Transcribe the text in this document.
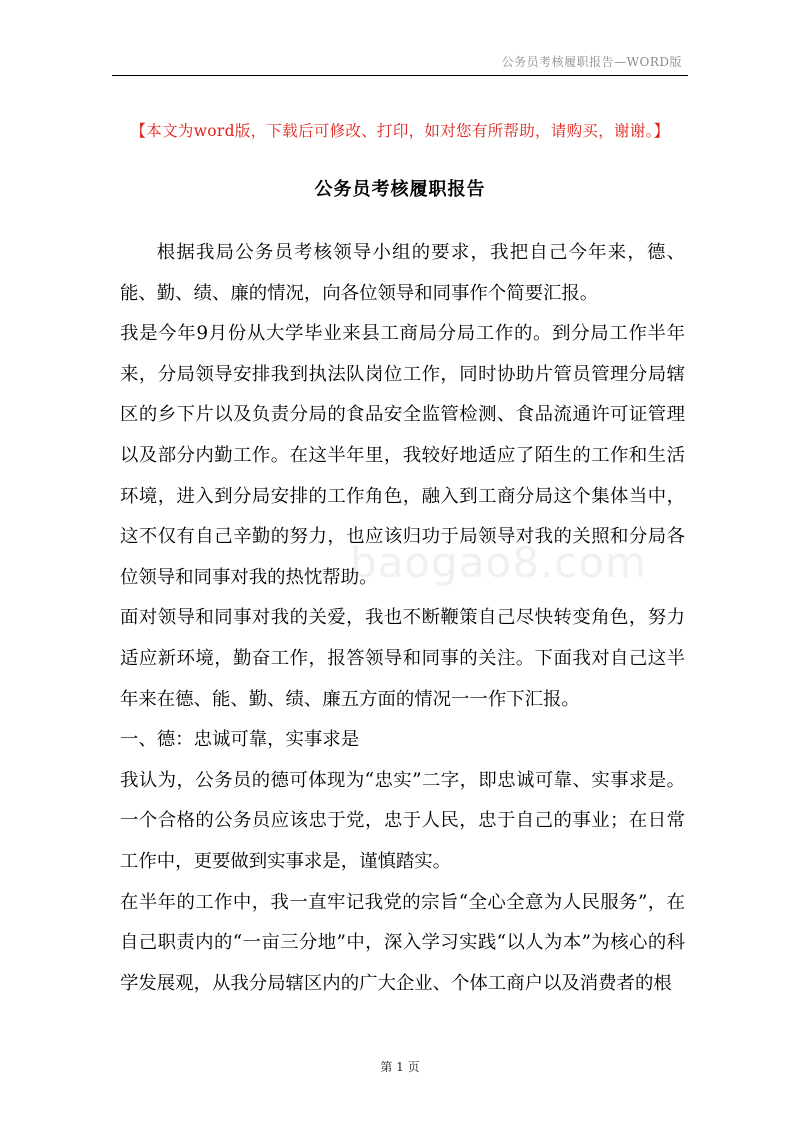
公务员考核履职报告—WORD版
【本文为word版，下载后可修改、打印，如对您有所帮助，请购买，谢谢。】
公务员考核履职报告
baogao8.com

根据我局公务员考核领导小组的要求，我把自己今年来，德、能、勤、绩、廉的情况，向各位领导和同事作个简要汇报。

我是今年9月份从大学毕业来县工商局分局工作的。到分局工作半年来，分局领导安排我到执法队岗位工作，同时协助片管员管理分局辖区的乡下片以及负责分局的食品安全监管检测、食品流通许可证管理以及部分内勤工作。在这半年里，我较好地适应了陌生的工作和生活环境，进入到分局安排的工作角色，融入到工商分局这个集体当中，这不仅有自己辛勤的努力，也应该归功于局领导对我的关照和分局各位领导和同事对我的热忱帮助。

面对领导和同事对我的关爱，我也不断鞭策自己尽快转变角色，努力适应新环境，勤奋工作，报答领导和同事的关注。下面我对自己这半年来在德、能、勤、绩、廉五方面的情况一一作下汇报。

一、德：忠诚可靠，实事求是

我认为，公务员的德可体现为“忠实”二字，即忠诚可靠、实事求是。一个合格的公务员应该忠于党，忠于人民，忠于自己的事业；在日常工作中，更要做到实事求是，谨慎踏实。

在半年的工作中，我一直牢记我党的宗旨“全心全意为人民服务”，在自己职责内的“一亩三分地”中，深入学习实践“以人为本”为核心的科学发展观，从我分局辖区内的广大企业、个体工商户以及消费者的根

第 1 页
